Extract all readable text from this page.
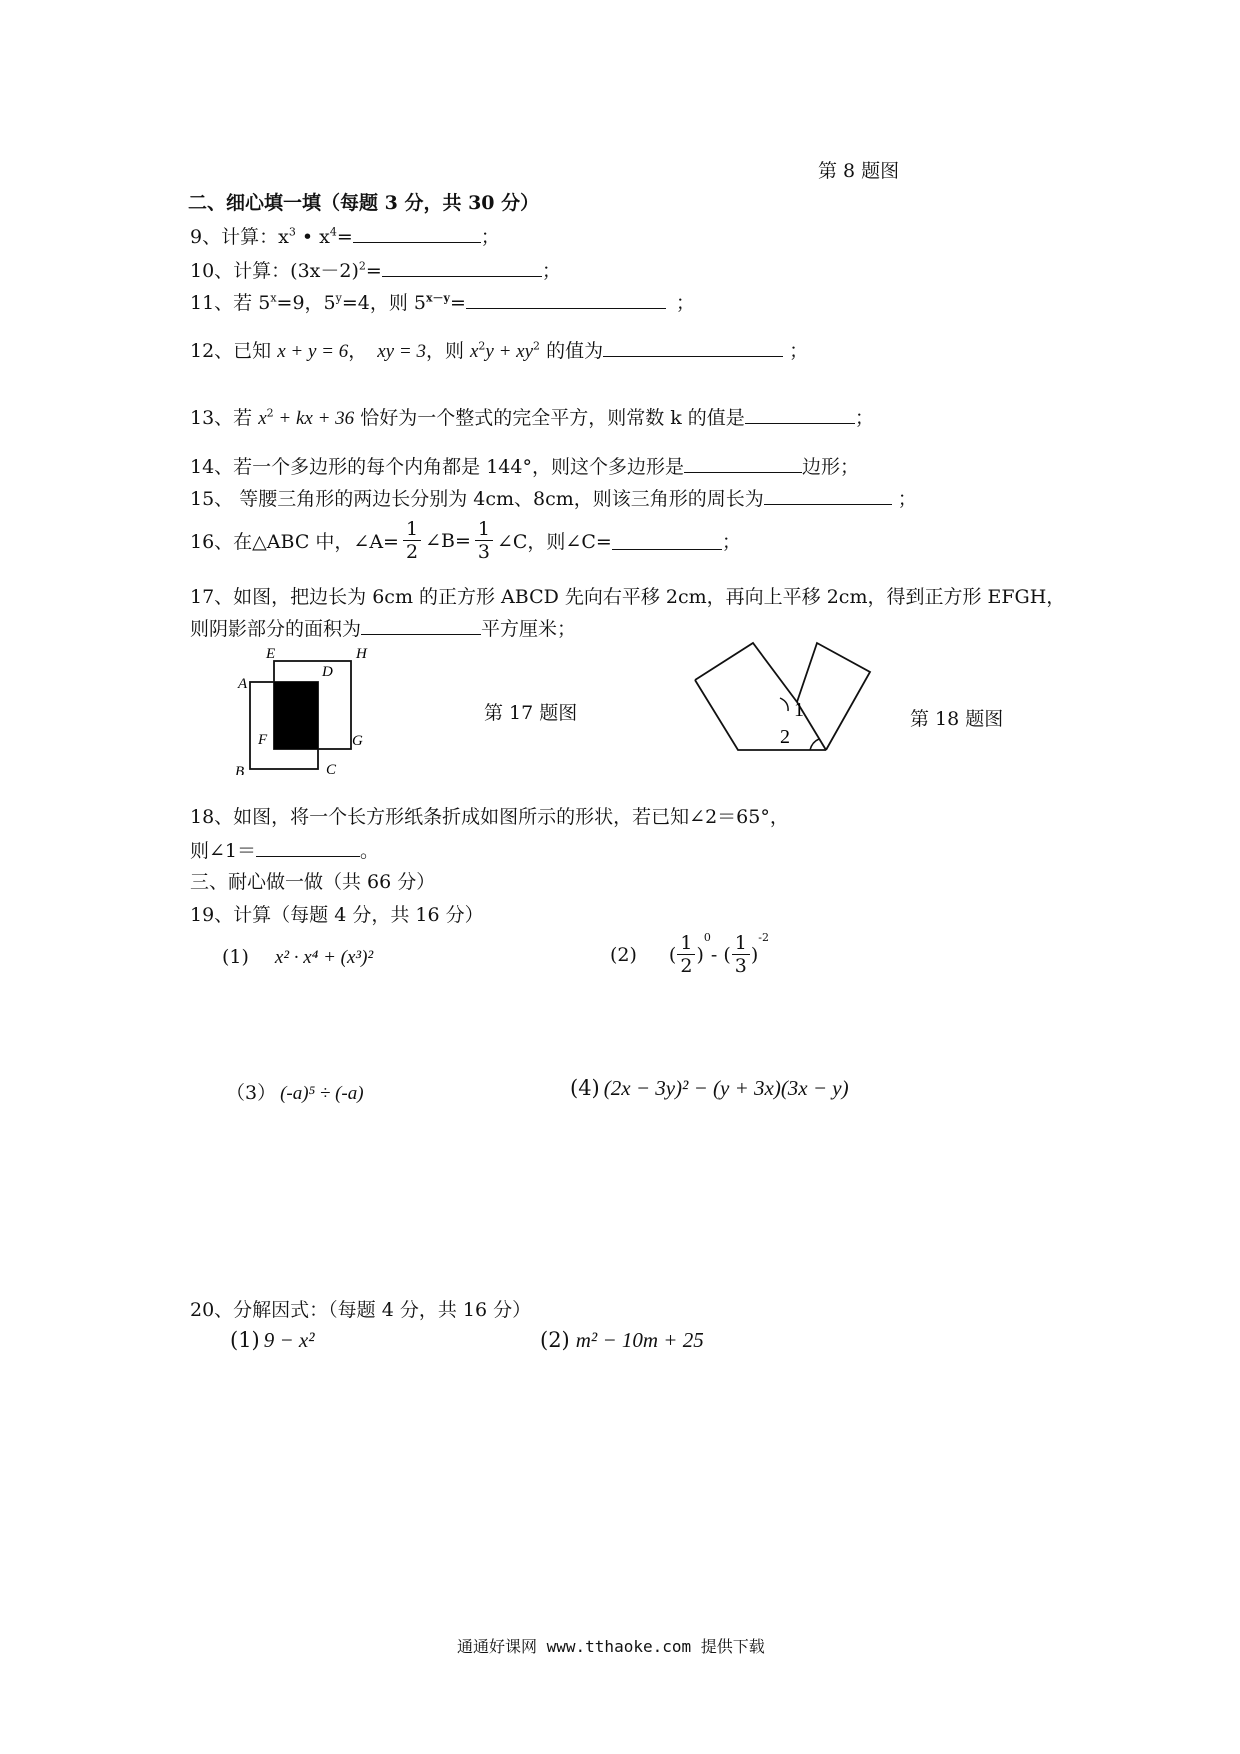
第 8 题图
二、细心填一填（每题 3 分，共 30 分）
9、计算：$x^3$ • $x^4=$	；
10、计算：$(3x-2)^2=$	；
11、若 $5^x=9$，$5^y=4$，则 $5^{x-y}=$	；
12、已知 x + y = 6， xy = 3，则 $x^2y + xy^2$ 的值为	；
13、若 $x^2$ + kx + 36 恰好为一个整式的完全平方，则常数 k 的值是	；
14、若一个多边形的每个内角都是 144°，则这个多边形是	边形；
15、 等腰三角形的两边长分别为 4cm、8cm，则该三角形的周长为	；
16、在△ABC 中，∠A= $\frac{1}{2}$ ∠B= $\frac{1}{3}$ ∠C，则∠C=	；
17、如图，把边长为 6cm 的正方形 ABCD 先向右平移 2cm，再向上平移 2cm，得到正方形 EFGH，
则阴影部分的面积为	平方厘米；
A
B	C
D
E
F	G
H
第 17 题图	1
2
第 18 题图
18、如图，将一个长方形纸条折成如图所示的形状，若已知∠2＝65°，
则∠1＝	。
三、耐心做一做（共 66 分）
19、计算（每题 4 分，共 16 分）
(1) x² · x⁴ + (x³)²	(2) ( $\frac{1}{2}$ )
0
- ( $\frac{1}{3}$ )
-2
（3） (-a)⁵ ÷ (-a)	(4) (2x − 3y)² − (y + 3x)(3x − y)
20、分解因式：（每题 4 分，共 16 分）
(1) 9 − x²	(2) m² − 10m + 25
通通好课网 www.tthaoke.com 提供下载
